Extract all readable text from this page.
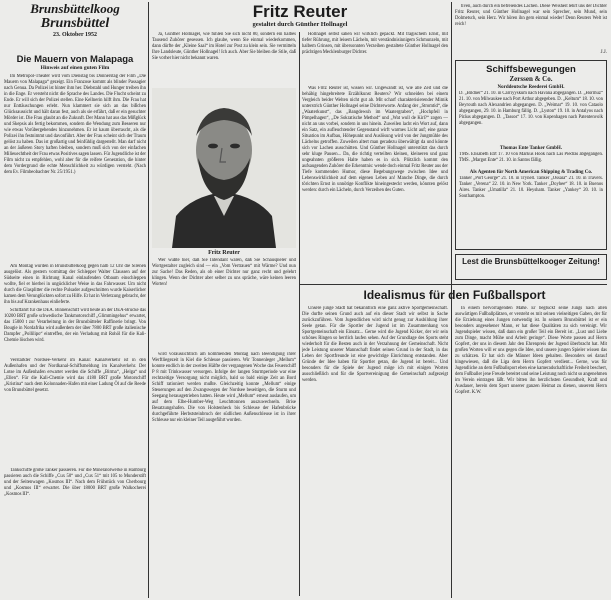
Brunsbüttelkoog
Brunsbüttel
23. Oktober 1952
Die Mauern von Malapaga
Hinweis auf einen guten Film

Im Metropol-Theater wird vom Dienstag bis Donnerstag der Film „Die Mauern von Malapaga“ gezeigt. Ein Franzose kommt als blinder Passagier nach Genua. Da Polizei ist hinter ihm her. Diebstahl und Hunger treiben ihn in die Enge. Er versteht nicht die Sprache des Landes. Die Flucht scheint zu Ende. Er will sich der Polizei stellen. Eine Kellnerin hilft ihm. Die Frau hat nur Enttäuschungen erlebt. Nun klammert sie sich an das bißchen Glücksaussicht und hält daran fest, auch als sie erfährt, daß er ein gesuchter Mörder ist. Die Frau glaubt an die Zukunft. Der Mann hat aus das Mißglück und Skepsis als fertig bekommen, sondern die Wendung zum Besseren nur wie etwas Vorübergehendes hinzunehmen. Er ist kaum überrascht, als die Polizei ihn festnimmt und davonführt. Aber der Frau scheint sich der Traum gelöst zu haben. Das ist großartig und feinfühlig dargestellt. Man darf nicht an der äußeren Story haften bleiben, sondern muß sich von der einfachen Milieuechtheit der Frau etwas Positives sagen lassen. Für Jugendliche ist der Film nicht zu empfehlen, wohl aber für die reifere Generation, die hinter dem Vordergrund die echte Menschlichkeit zu würdigen versteht. (Nach dem Ev. Filmbeobachter Nr. 25/1951.)

Am Montag wurden in Brunsbüttelkoog gegen halb 12 Uhr die Sirenen ausgelöst. Als gestern vormittag der Schlepper Walter Claussen auf der Südseite einen in Richtung Kanal einlaufenden Otbaum einschleppen wollte, fiel er hierbei in ungücklicher Weise in das Fahrwasser. Um nicht durch die Glasplitter die rechte Pulsader aufgeschnitten wurde Kaiserlicher kamen dem Verunglückten sofort zu Hilfe. Er hat in Verletzung gebracht, der ihn bis auf Krankenhaus einlieferte.

Schiffahrt für die DEA. Binnenschiff wird heute an der DEA-Brücke das 10200 BRT große schwedische Tankmotorschiff „Glimmingehus“ erwartet, das 15000 t zur Verarbeitung in der Brunsbütteler Raffinerie bringt. Von Bougie in Nordafrika wird außerdem der über 7800 BRT große italienische Dampfer „Pollilipo“ eintreffen, der ein Verladung mit Rohöl für die Kali-Chemie löschen wird.

Verstärkter Nordsee-Verkehr im Kanal: Kanalverkehr ist in den Außenhafen und der Nordkanal-Schiffsmeldung im Kanalverkehr. Der Lotse im Außenhafen erwartet werden die Schiffe „Birma“, „Helga“ und „Ellen“. Für die Kali-Chemie wird das 4180 BRT große Motorschiff „Kristina“ nach dem Kolonnaden-Hafen mit einer Ladung Öl auf die Reede von Brunsbüttel gesetzt.

Tankschiffe große Tanker passieren. Für die Mineralölwerke in Hamburg passieren auch die Schiffe „Cux 50“ und „Cux 51“ mit 105 to Munderstift und der Seitenwagen „Kosmos III“. Nach dem Frühstück von Cherbourg und „Kosmos III“ erwartet. Die über 18000 BRT große Walkocherei „Kosmos III“.

Fritz Reuter
gestaltet durch Günther Hollnagel

Ja, Günther Hollnagel, wie fühlen Sie sich nicht 80, sondern ein halbes Tausend Zuhörer gesessen. Ich glaube, wenn Sie einmal wiederkommen, dann dürfte der „Kleine Saal“ im Hotel zur Post zu klein sein. Sie vermitteln Ihre Landsleute, Günther Hollnagel! Ich auch. Aber Sie bleiben die Stile, daß Sie vorher hier nicht bekannt waren.

Fritz Reuter

Wer wußte hier, daß Sie Intendant waren, daß Sie Schauspieler und Wortgestalter zugleich sind — ein „Vom Vertrauen“ mit Wärme? Und nun zur Sache! Das Reden, als ob einer Dichter nur ganz recht und gelehrt klingen. Wenn der Dichter aber selber zu uns spräche, wäre keinen leeren Worten!

Hollnagel selbst sahen wir wirklich gepackt. Mit tragischem Ernst, mit tiefer Rührung, mit leisem Lächeln, mit verständnisinnigem Schmunzeln, mit halbem Grinsen, mit übersonnten Verzeihen gestaltete Günther Hollnagel den prächtigen Mecklenburger Dichter.

Was Fritz Reuter ist, wissen wir. Ungewandt ist, wie alle Zeit und die behäbig hingebreitete Erzählkunst Reuters? Wir schneiden bei einem Vergleich beider Welten nicht gut ab. Mit scharf charakterisierender Mimik unterstrich Günther Hollnagel seine Dichterworte. Anfang der „Stromtid“, die „Waaterkunst“, das „Bangdewuh im Waatergraben“, „Hochpfeil in Pimpelhagen“, „De Sokratische Method“ und „Wat wull de Kirl?“ zogen — nicht an uns vorbei, sondern in uns hinein. Zuweilen lacht ein Wort auf, dann ein Satz, ein aufleuchtender Gegenstand wirft warmes Licht auf; eine ganze Situation im Aufbau, Höhepunkt und Auslösung wird von der Jungmühle des Lächelns getroffen. Zuweilen altert man geradezu überwältigt da und könnte sich vor Lachen ausschütten. Und Günther Hollnagel unterstützt das durch sehr kluge Pausen... Da, die richtig verteilten kleinen, kleineren und ganz ungeahnten größeren Halte haben es in sich. Plötzlich kommt den aufsaugenden Zuhörer die Erkenntnis: wende doch einmal Fritz Reuter aus der Tiefe kommenden Humor, diese Begebungswege zwischen Idee und Lebenswirklichkeit auf dem eigenen Leben an! Manche Dinge, die durch törichten Ernst in unnötige Konflikte hineingesteckt werden, könnten gelöst werden: durch ein Lächeln, durch Verzeihen des Guten.

wird voraussichtlich am kommenden Montag nach Beendigung ihrer Werftliegezeit in Kiel die Schleuse passieren. Wir Tonnenleger „Mellum“ konnte endlich in der zweiten Hälfte der vergangenen Woche das Feuerschiff P 8 mit Trinkwasser versorgen. Infolge der langen Sturmperiode war eine rechtzeitige Versorgung nicht möglich, bald so bald einige Zeit an Bord Schiff rationiert werden mußte. Gleichzeitig konnte „Mellum“ einige Steuerungen auf den Zwangswegen der Nordsee beseitigen, die Sturm und Seegang herausgetrieben hatten. Heute wird „Mellum“ erneut auslaufen, um auf dem Elbe-Humber-Weg Leuchttonnen auszuwechseln. Brise Besatzungshafen. Die von Holstenheck bis Schleuse der Hafenbrücke durchgeführte Herbststeinbruch der südlichen Außenschleuse ist in ihrer Schleuse nur ein kleiner Teil ausgeführt worden.

tiven, auch durch ein befreiendes Lachen. Diese Weisheit lehrt uns der Dichter Fritz Reuter, und Günther Hollnagel war sein Sprecher, sein Mund, sein Dolmetsch, sein Herz. Wir hören ihn gern einmal wieder! Denn Reuters Welt ist reich!

J.J.
Schiffsbewegungen
Zerssen & Co.
Norddeutsche Reederei GmbH.
D. „Bildner“ 21. 10. in Carriyyskum nach Havana abgegangen. D. „Hormuz“ 21. 10. von Milwaukee nach Port Arthur abgegeben. D. „Keltum“ 18. 10. von Beyrouth nach Alexandrien abgegangen. D. „Weimar“ 19. 10. von Cataolo abgegangen, 29. 10. in Hamburg fällig. D. „Lyston“ 19. 10. in Antalyos nach Piräus abgegangen. D. „Tassos“ 17. 10. von Kopenhagen nach Patentenvolk abgegangen.
Thomas Ente Tanker GmbH.
TMS. Elisabeth Etrt 17. 10 von Markus Hook nach Las Piedras abgegangen. TMS. „Margot Ente“ 21. 10. in Santos fällig.
Als Agenten für North American Shipping & Trading Co.
Tanker „Port George“ 21. 10. in Trynell. Tanker „Ossaia“ 21. 10. in Travers. Tanker „Verena“ 22. 10. in New York. Tanker „Doyhee“ 18. 10. in Buenos Aires. Tanker „Umatilla“ 21. 10. Heysham. Tanker „Yankey“ 20. 10. in Southampton.
Lest die Brunsbüttelkooger Zeitung!
Idealismus für den Fußballsport

Unsere junge Stadt hat bekanntlich eine ganz aktive Sportgemeinschaft. Die durfte seinen Grund auch auf ein dieser Stadt wir selbst in Sache zurückzuführen. Vom Jugendlichen wird nicht genug zur Ausbildung ihrer Seele getan. Für die Sportler der Jugend ist im Zusammenhang von Sportgemeinschaft ein Einsatz... Gerne wird die Jugend Kicker, der wir sein schönes Ringen so herrlich laufen sehen. Auf der Grundlage des Sports steht wiederholt für die Besten auch in der Verzahnung der Gemeinschaft. Nicht jede Leistung unserer Mannschaft findet seinen Grund in der Stadt, in das Leben der Sportfreunde ist eine gewichtige Einrichtung entstanden. Aber Gründe der Idee haben für Sportler getan, die Jugend ist bereit... Und besonders für die Spiele der Jugend möge ich mit einigen Worten ausschließlich und für die Sportvereinigung die Gemeinschaft aufgezeigt werden.

In einem hervorragenden Maße. Er beglückt seine Jungs nach allen auswärtigen Fußballplätzen, er versteht es mit seinen vielseitigen Gaben, der für die Erziehung eines Jungen notwendig ist. In seinem Brunsbüttel ist er ein besonders angesehener Mann, er hat diese Qualitäten zu sich vereinigt. Wir Jugendspieler wissen, daß dann ein großer Teil ein Bereit ist. „Lust und Liebe zum Dinge, macht Mühe und Arbeit geringe“. Diese Worte passen auf Herrn Gopfert, der uns in diesem Jahr den Ehrenpreis der Jugend überbracht hat. Mit großen Worten will er uns gegen die Idee, und unsere jungen Spieler wissen das zu schätzen. Er hat sich die Männer Ideen gehalten. Besonders sei darauf hingewiesen, daß die Liga dem Herrn Gopfert verdient... Gerne, was für Jugendliche an dem Fußballsport eben eine kameradschaftliche Freiheit beschert, dem Fußballer jene Freude bereitet und seine Leistung noch nicht so angenehmen im Verein eintragen läßt. Wir bitten ihn herzlichsten Gesundheit, Kraft und Ausdauer, herein dem Sport unserer ganzen Heimat zu dienen, unserem Herrn Gopfert. K.W.
